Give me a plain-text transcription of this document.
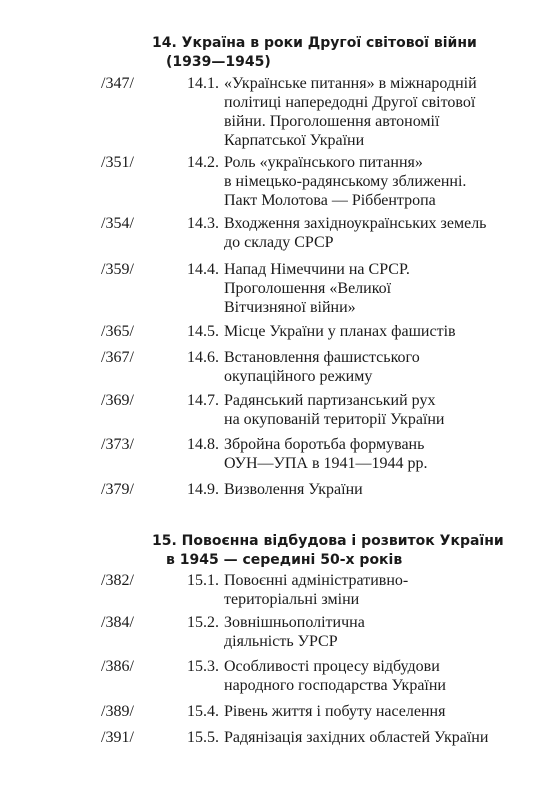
14. Україна в роки Другої світової війни
(1939—1945)
/347/	14.1. «Українське питання» в міжнародній
політиці напередодні Другої світової
війни. Проголошення автономії
Карпатської України
/351/	14.2. Роль «українського питання»
в німецько-радянському зближенні.
Пакт Молотова — Ріббентропа
/354/	14.3. Входження західноукраїнських земель
до складу СРСР
/359/	14.4. Напад Німеччини на СРСР.
Проголошення «Великої
Вітчизняної війни»
/365/	14.5. Місце України у планах фашистів
/367/	14.6. Встановлення фашистського
окупаційного режиму
/369/	14.7. Радянський партизанський рух
на окупованій території України
/373/	14.8. Збройна боротьба формувань
ОУН—УПА в 1941—1944 рр.
/379/	14.9. Визволення України
15. Повоєнна відбудова і розвиток України
в 1945 — середині 50-х років
/382/	15.1. Повоєнні адміністративно-
територіальні зміни
/384/	15.2. Зовнішньополітична
діяльність УРСР
/386/	15.3. Особливості процесу відбудови
народного господарства України
/389/	15.4. Рівень життя і побуту населення
/391/	15.5. Радянізація західних областей України
